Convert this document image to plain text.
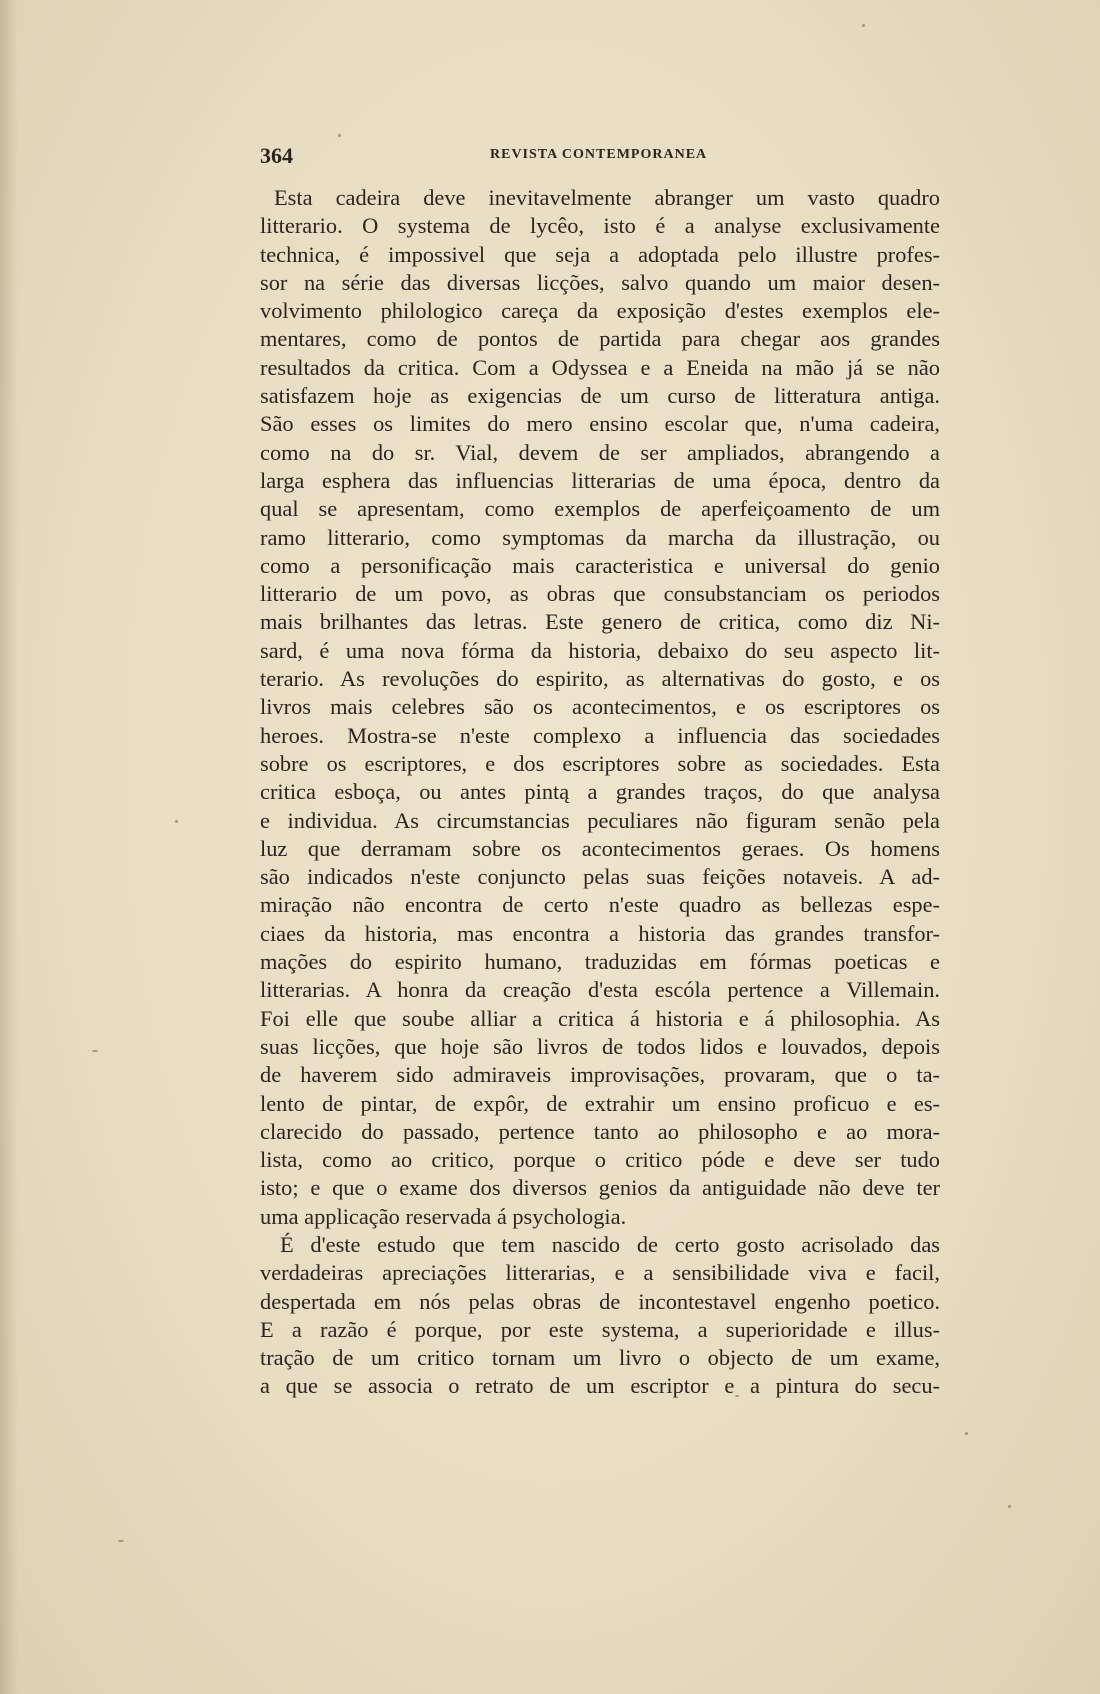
364	REVISTA CONTEMPORANEA

Esta cadeira deve inevitavelmente abranger um vasto quadro
litterario. O systema de lycêo, isto é a analyse exclusivamente
technica, é impossivel que seja a adoptada pelo illustre profes-
sor na série das diversas licções, salvo quando um maior desen-
volvimento philologico careça da exposição d'estes exemplos ele-
mentares, como de pontos de partida para chegar aos grandes
resultados da critica. Com a Odyssea e a Eneida na mão já se não
satisfazem hoje as exigencias de um curso de litteratura antiga.
São esses os limites do mero ensino escolar que, n'uma cadeira,
como na do sr. Vial, devem de ser ampliados, abrangendo a
larga esphera das influencias litterarias de uma época, dentro da
qual se apresentam, como exemplos de aperfeiçoamento de um
ramo litterario, como symptomas da marcha da illustração, ou
como a personificação mais caracteristica e universal do genio
litterario de um povo, as obras que consubstanciam os periodos
mais brilhantes das letras. Este genero de critica, como diz Ni-
sard, é uma nova fórma da historia, debaixo do seu aspecto lit-
terario. As revoluções do espirito, as alternativas do gosto, e os
livros mais celebres são os acontecimentos, e os escriptores os
heroes. Mostra-se n'este complexo a influencia das sociedades
sobre os escriptores, e dos escriptores sobre as sociedades. Esta
critica esboça, ou antes pintą a grandes traços, do que analysa
e individua. As circumstancias peculiares não figuram senão pela
luz que derramam sobre os acontecimentos geraes. Os homens
são indicados n'este conjuncto pelas suas feições notaveis. A ad-
miração não encontra de certo n'este quadro as bellezas espe-
ciaes da historia, mas encontra a historia das grandes transfor-
mações do espirito humano, traduzidas em fórmas poeticas e
litterarias. A honra da creação d'esta escóla pertence a Villemain.
Foi elle que soube alliar a critica á historia e á philosophia. As
suas licções, que hoje são livros de todos lidos e louvados, depois
de haverem sido admiraveis improvisações, provaram, que o ta-
lento de pintar, de expôr, de extrahir um ensino proficuo e es-
clarecido do passado, pertence tanto ao philosopho e ao mora-
lista, como ao critico, porque o critico póde e deve ser tudo
isto; e que o exame dos diversos genios da antiguidade não deve ter
uma applicação reservada á psychologia.

É d'este estudo que tem nascido de certo gosto acrisolado das
verdadeiras apreciações litterarias, e a sensibilidade viva e facil,
despertada em nós pelas obras de incontestavel engenho poetico.
E a razão é porque, por este systema, a superioridade e illus-
tração de um critico tornam um livro o objecto de um exame,
a que se associa o retrato de um escriptor e a pintura do secu-
